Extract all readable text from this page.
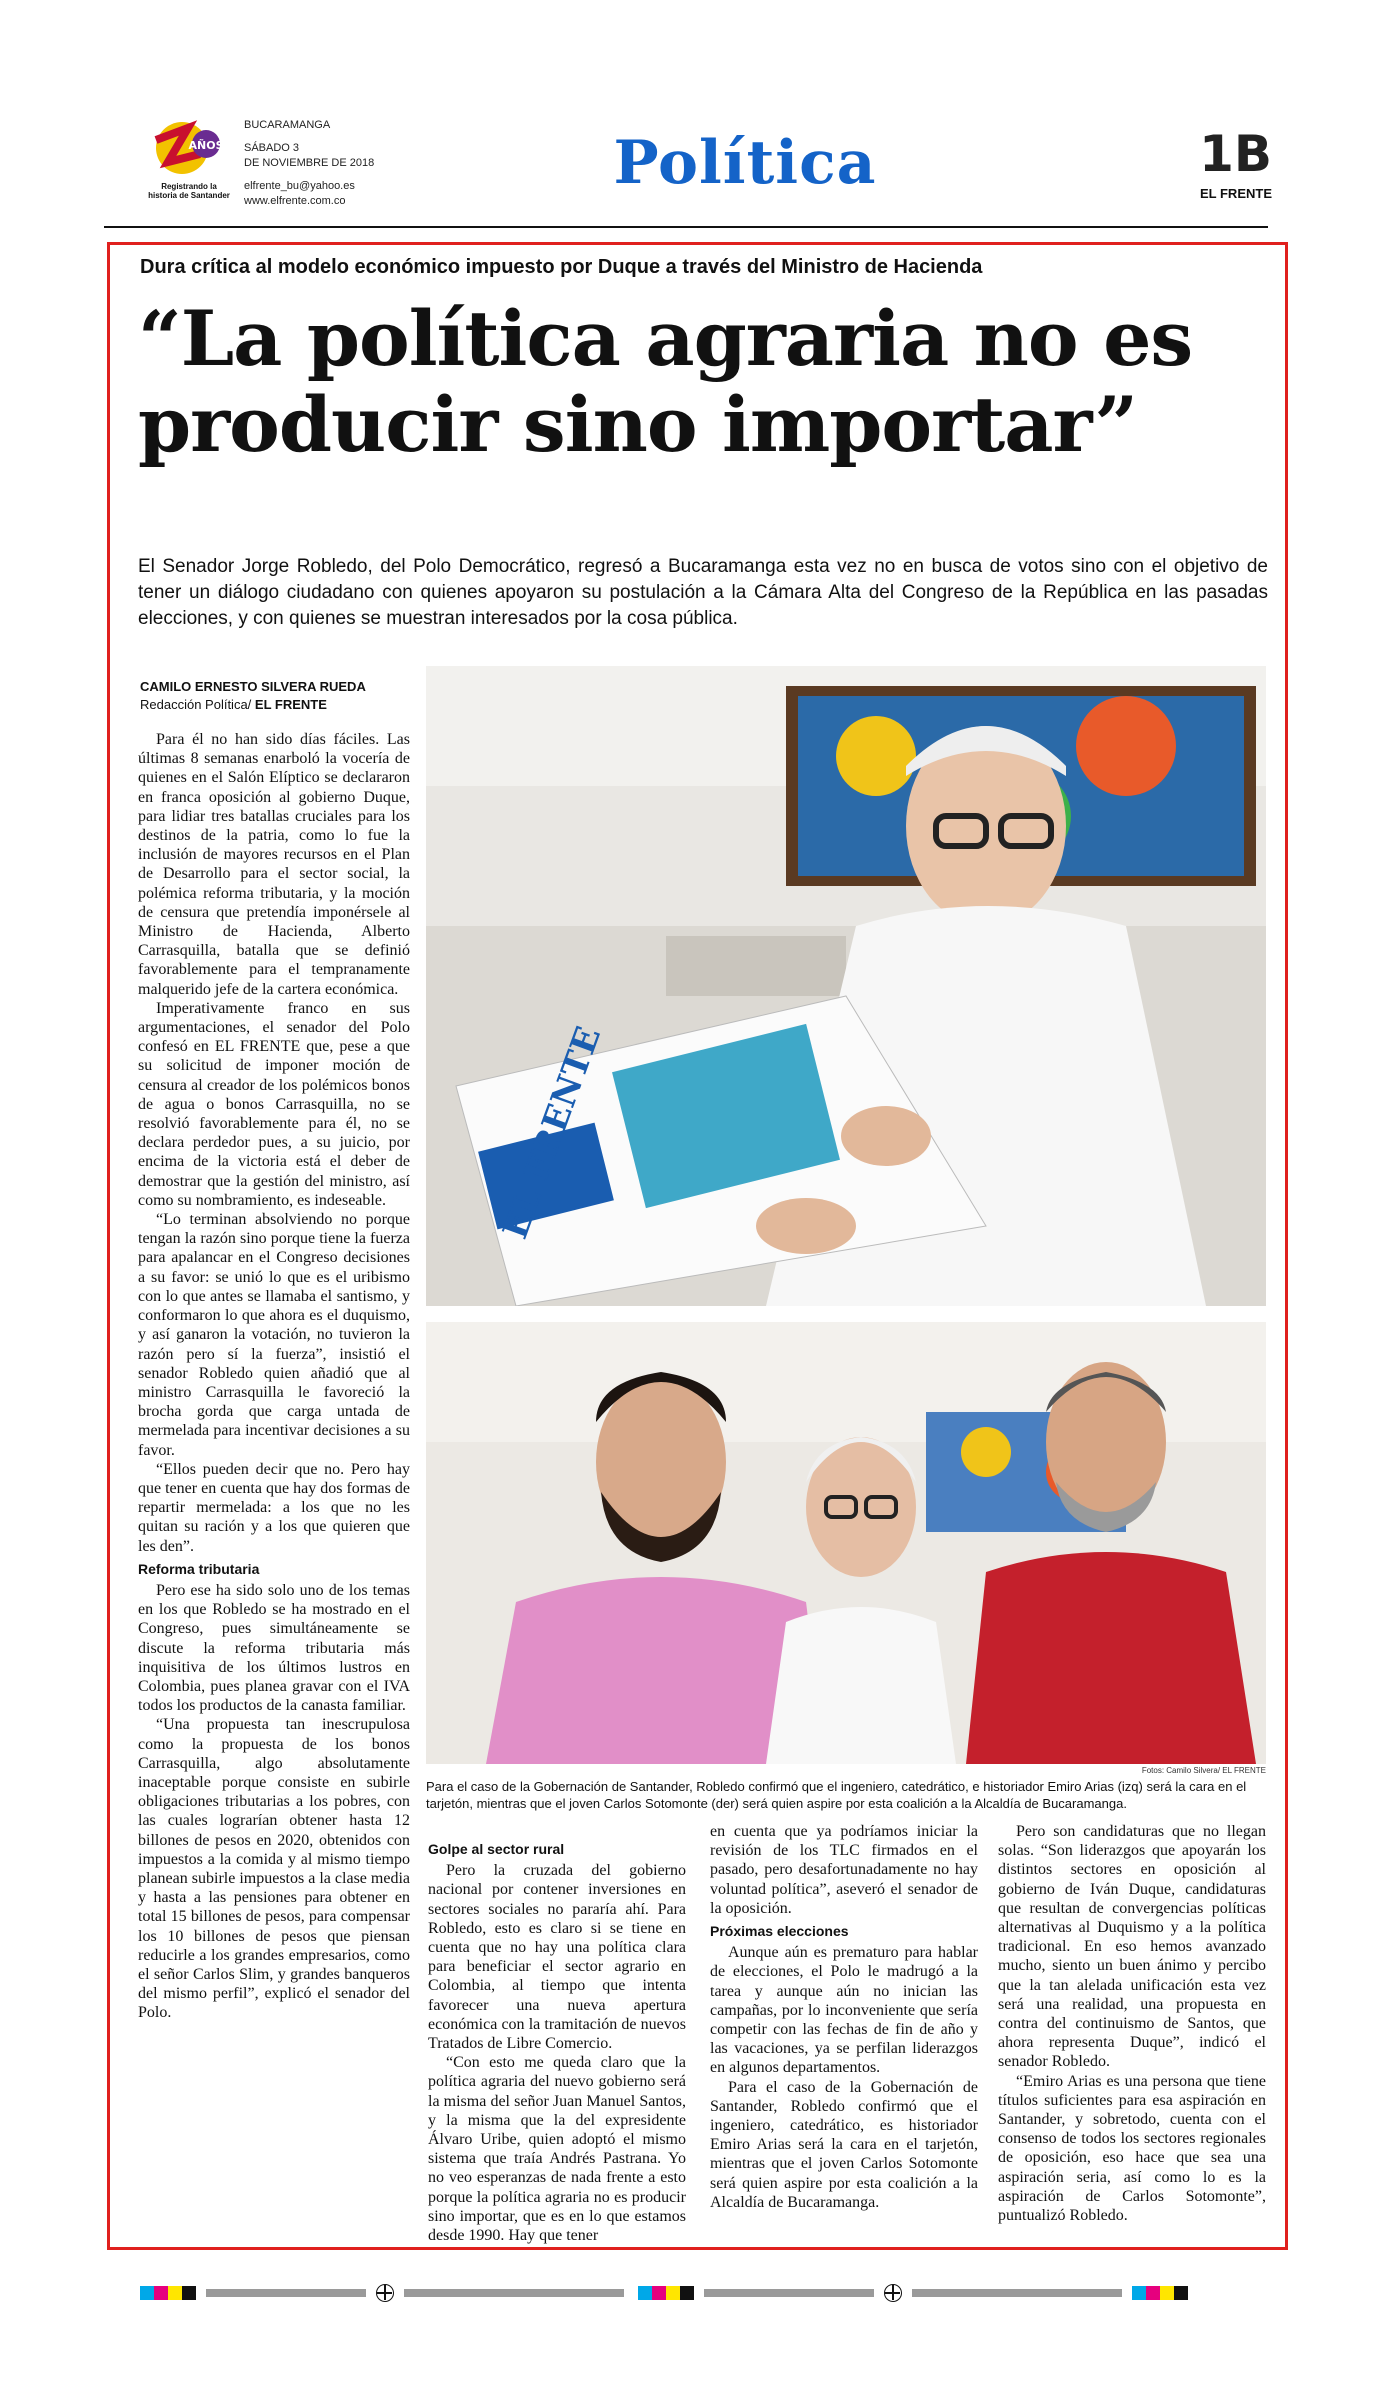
AÑOS
Registrando la historia de Santander
BUCARAMANGA
SÁBADO 3
DE NOVIEMBRE DE 2018
elfrente_bu@yahoo.es
www.elfrente.com.co
Política	1B
EL FRENTE
Dura crítica al modelo económico impuesto por Duque a través del Ministro de Hacienda
“La política agraria no es
producir sino importar”
El Senador Jorge Robledo, del Polo Democrático, regresó a Bucaramanga esta vez no en busca de votos sino con el objetivo de tener un diálogo ciudadano con quienes apoyaron su postulación a la Cámara Alta del Congreso de la República en las pasadas elecciones, y con quienes se muestran interesados por la cosa pública.
CAMILO ERNESTO SILVERA RUEDA
Redacción Política/ EL FRENTE

Para él no han sido días fáciles. Las últimas 8 semanas enarboló la vocería de quienes en el Salón Elíptico se declararon en franca oposición al gobierno Duque, para lidiar tres batallas cruciales para los destinos de la patria, como lo fue la inclusión de mayores recursos en el Plan de Desarrollo para el sector social, la polémica reforma tributaria, y la moción de censura que pretendía imponérsele al Ministro de Hacienda, Alberto Carrasquilla, batalla que se definió favorablemente para el tempranamente malquerido jefe de la cartera económica.

Imperativamente franco en sus argumentaciones, el senador del Polo confesó en EL FRENTE que, pese a que su solicitud de imponer moción de censura al creador de los polémicos bonos de agua o bonos Carrasquilla, no se resolvió favorablemente para él, no se declara perdedor pues, a su juicio, por encima de la victoria está el deber de demostrar que la gestión del ministro, así como su nombramiento, es indeseable.

“Lo terminan absolviendo no porque tengan la razón sino porque tiene la fuerza para apalancar en el Congreso decisiones a su favor: se unió lo que es el uribismo con lo que antes se llamaba el santismo, y conformaron lo que ahora es el duquismo, y así ganaron la votación, no tuvieron la razón pero sí la fuerza”, insistió el senador Robledo quien añadió que al ministro Carrasquilla le favoreció la brocha gorda que carga untada de mermelada para incentivar decisiones a su favor.

“Ellos pueden decir que no. Pero hay que tener en cuenta que hay dos formas de repartir mermelada: a los que no les quitan su ración y a los que quieren que les den”.

Reforma tributaria

Pero ese ha sido solo uno de los temas en los que Robledo se ha mostrado en el Congreso, pues simultáneamente se discute la reforma tributaria más inquisitiva de los últimos lustros en Colombia, pues planea gravar con el IVA todos los productos de la canasta familiar.

“Una propuesta tan inescrupulosa como la propuesta de los bonos Carrasquilla, algo absolutamente inaceptable porque consiste en subirle obligaciones tributarias a los pobres, con las cuales lograrían obtener hasta 12 billones de pesos en 2020, obtenidos con impuestos a la comida y al mismo tiempo planean subirle impuestos a la clase media y hasta a las pensiones para obtener en total 15 billones de pesos, para compensar los 10 billones de pesos que piensan reducirle a los grandes empresarios, como el señor Carlos Slim, y grandes banqueros del mismo perfil”, explicó el senador del Polo.

EL FRENTE
Fotos: Camilo Silvera/ EL FRENTE
Para el caso de la Gobernación de Santander, Robledo confirmó que el ingeniero, catedrático, e historiador Emiro Arias (izq) será la cara en el tarjetón, mientras que el joven Carlos Sotomonte (der) será quien aspire por esta coalición a la Alcaldía de Bucaramanga.
Golpe al sector rural

Pero la cruzada del gobierno nacional por contener inversiones en sectores sociales no pararía ahí. Para Robledo, esto es claro si se tiene en cuenta que no hay una política clara para beneficiar el sector agrario en Colombia, al tiempo que intenta favorecer una nueva apertura económica con la tramitación de nuevos Tratados de Libre Comercio.

“Con esto me queda claro que la política agraria del nuevo gobierno será la misma del señor Juan Manuel Santos, y la misma que la del expresidente Álvaro Uribe, quien adoptó el mismo sistema que traía Andrés Pastrana. Yo no veo esperanzas de nada frente a esto porque la política agraria no es producir sino importar, que es en lo que estamos desde 1990. Hay que tener

en cuenta que ya podríamos iniciar la revisión de los TLC firmados en el pasado, pero desafortunadamente no hay voluntad política”, aseveró el senador de la oposición.

Próximas elecciones

Aunque aún es prematuro para hablar de elecciones, el Polo le madrugó a la tarea y aunque aún no inician las campañas, por lo inconveniente que sería competir con las fechas de fin de año y las vacaciones, ya se perfilan liderazgos en algunos departamentos.

Para el caso de la Gobernación de Santander, Robledo confirmó que el ingeniero, catedrático, es historiador Emiro Arias será la cara en el tarjetón, mientras que el joven Carlos Sotomonte será quien aspire por esta coalición a la Alcaldía de Bucaramanga.

Pero son candidaturas que no llegan solas. “Son liderazgos que apoyarán los distintos sectores en oposición al gobierno de Iván Duque, candidaturas que resultan de convergencias políticas alternativas al Duquismo y a la política tradicional. En eso hemos avanzado mucho, siento un buen ánimo y percibo que la tan alelada unificación esta vez será una realidad, una propuesta en contra del continuismo de Santos, que ahora representa Duque”, indicó el senador Robledo.

“Emiro Arias es una persona que tiene títulos suficientes para esa aspiración en Santander, y sobretodo, cuenta con el consenso de todos los sectores regionales de oposición, eso hace que sea una aspiración seria, así como lo es la aspiración de Carlos Sotomonte”, puntualizó Robledo.
